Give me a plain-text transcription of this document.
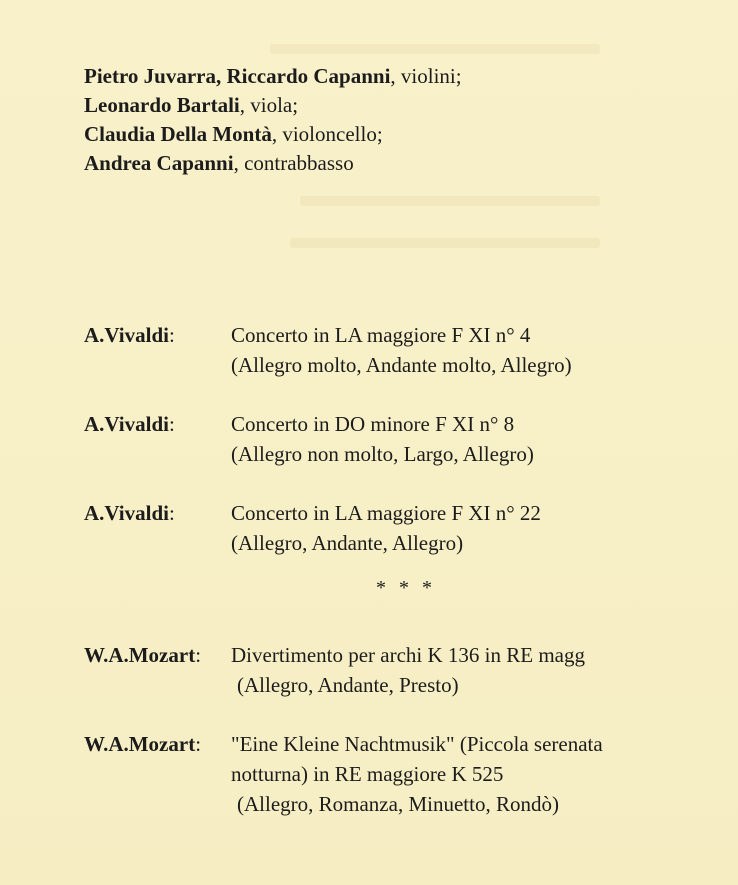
Pietro Juvarra, Riccardo Capanni, violini;
Leonardo Bartali, viola;
Claudia Della Montà, violoncello;
Andrea Capanni, contrabbasso
A.Vivaldi:	Concerto in LA maggiore F XI n° 4
(Allegro molto, Andante molto, Allegro)
A.Vivaldi:	Concerto in DO minore F XI n° 8
(Allegro non molto, Largo, Allegro)
A.Vivaldi:	Concerto in LA maggiore F XI n° 22
(Allegro, Andante, Allegro)
* * *
W.A.Mozart: Divertimento per archi K 136 in RE magg
(Allegro, Andante, Presto)
W.A.Mozart: "Eine Kleine Nachtmusik" (Piccola serenata
notturna) in RE maggiore K 525
(Allegro, Romanza, Minuetto, Rondò)
